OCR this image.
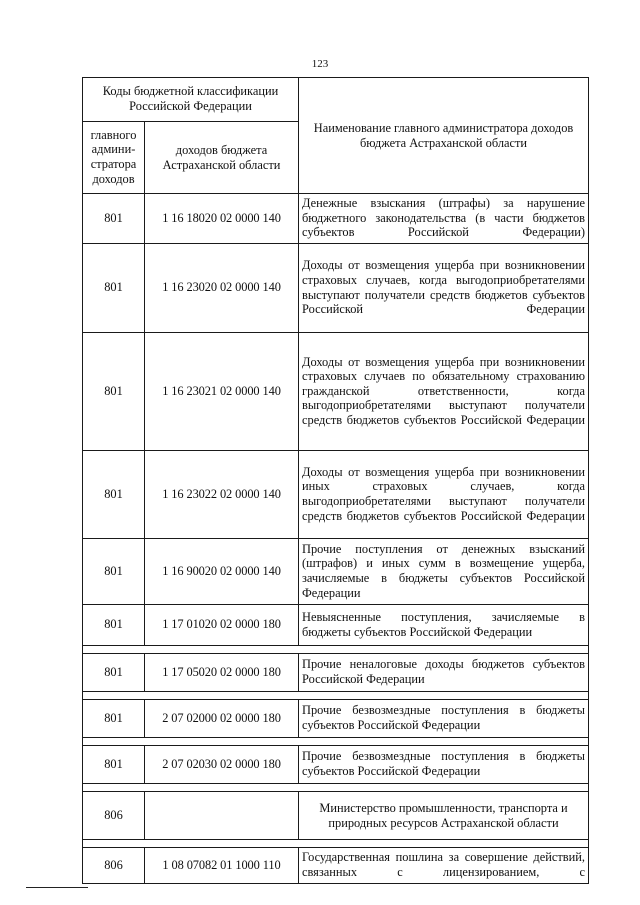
123
Коды бюджетной классификации Российской Федерации		Наименование главного администратора доходов бюджета Астраханской области
главного админи-стратора доходов	доходов бюджета Астраханской области	
801	1 16 18020 02 0000 140	Денежные взыскания (штрафы) за нарушение бюджетного законодательства (в части бюджетов субъектов Российской Федерации)
801	1 16 23020 02 0000 140	Доходы от возмещения ущерба при возникновении страховых случаев, когда выгодоприобретателями выступают получатели средств бюджетов субъектов Российской Федерации
801	1 16 23021 02 0000 140	Доходы от возмещения ущерба при возникновении страховых случаев по обязательному страхованию гражданской ответственности, когда выгодоприобретателями выступают получатели средств бюджетов субъектов Российской Федерации
801	1 16 23022 02 0000 140	Доходы от возмещения ущерба при возникновении иных страховых случаев, когда выгодоприобретателями выступают получатели средств бюджетов субъектов Российской Федерации
801	1 16 90020 02 0000 140	Прочие поступления от денежных взысканий (штрафов) и иных сумм в возмещение ущерба, зачисляемые в бюджеты субъектов Российской Федерации
801	1 17 01020 02 0000 180	Невыясненные поступления, зачисляемые в бюджеты субъектов Российской Федерации

801	1 17 05020 02 0000 180	Прочие неналоговые доходы бюджетов субъектов Российской Федерации

801	2 07 02000 02 0000 180	Прочие безвозмездные поступления в бюджеты субъектов Российской Федерации

801	2 07 02030 02 0000 180	Прочие безвозмездные поступления в бюджеты субъектов Российской Федерации

806		Министерство промышленности, транспорта и природных ресурсов Астраханской области

806	1 08 07082 01 1000 110	Государственная пошлина за совершение действий, связанных с лицензированием, с
